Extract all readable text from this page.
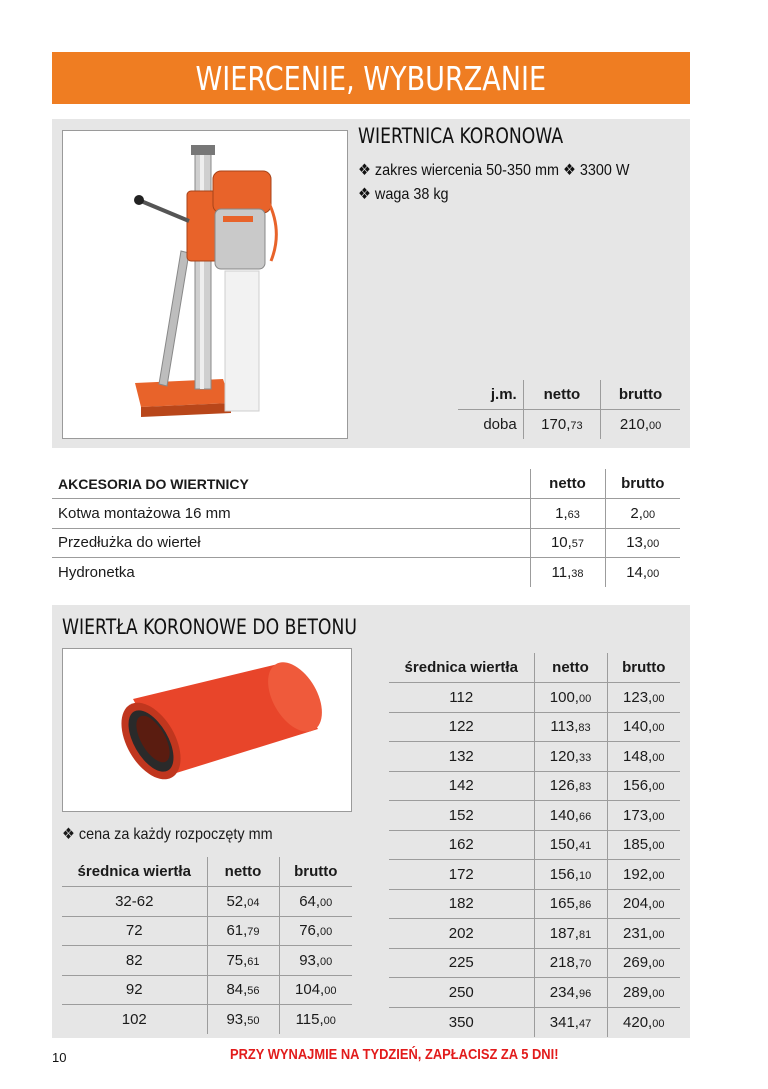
WIERCENIE, WYBURZANIE
WIERTNICA KORONOWA
❖ zakres wiercenia 50-350 mm ❖ 3300 W
❖ waga 38 kg
j.m.	netto	brutto
doba	170,73	210,00
AKCESORIA DO WIERTNICY	netto	brutto
Kotwa montażowa 16 mm	1,63	2,00
Przedłużka do wierteł	10,57	13,00
Hydronetka	11,38	14,00
WIERTŁA KORONOWE DO BETONU
❖ cena za każdy rozpoczęty mm
średnica wiertła	netto	brutto
32-62	52,04	64,00
72	61,79	76,00
82	75,61	93,00
92	84,56	104,00
102	93,50	115,00
średnica wiertła	netto	brutto
112	100,00	123,00
122	113,83	140,00
132	120,33	148,00
142	126,83	156,00
152	140,66	173,00
162	150,41	185,00
172	156,10	192,00
182	165,86	204,00
202	187,81	231,00
225	218,70	269,00
250	234,96	289,00
350	341,47	420,00
10	PRZY WYNAJMIE NA TYDZIEŃ, ZAPŁACISZ ZA 5 DNI!
